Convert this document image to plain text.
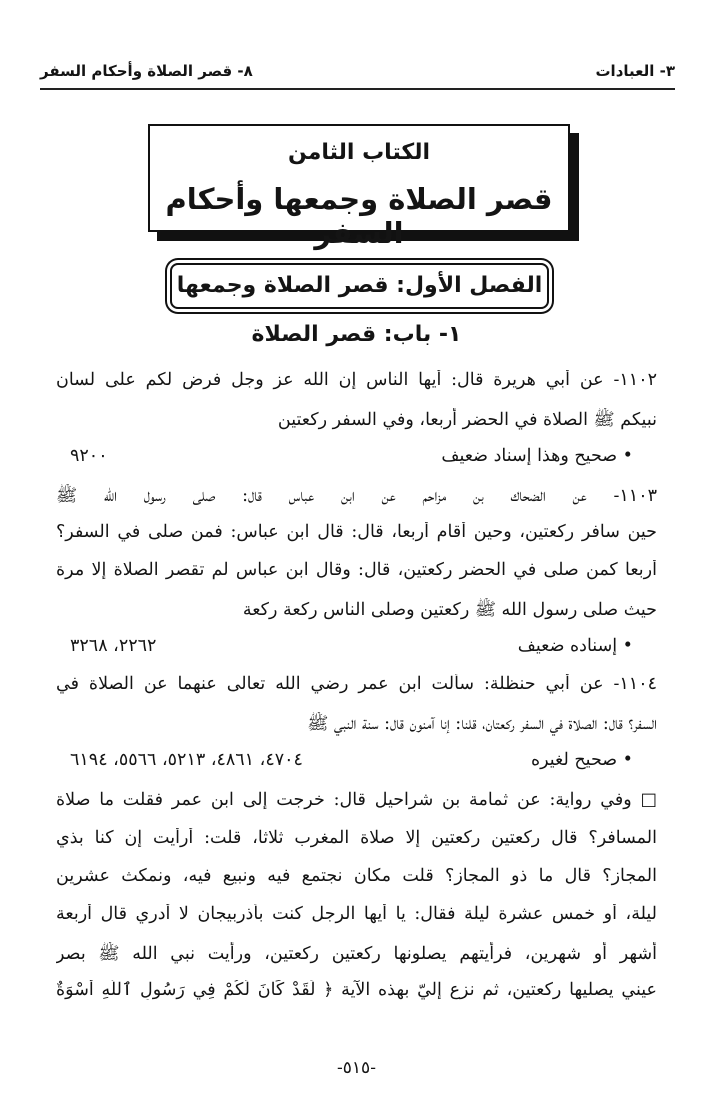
٣- العبادات
٨- قصر الصلاة وأحكام السفر
الكتاب الثامن
قصر الصلاة وجمعها وأحكام السفر
الفصل الأول: قصر الصلاة وجمعها
١- باب: قصر الصلاة
١١٠٢- عن أبي هريرة قال: أيها الناس إن الله عز وجل فرض لكم على لسان
نبيكم ﷺ الصلاة في الحضر أربعا، وفي السفر ركعتين
• صحيح وهذا إسناد ضعيف
٩٢٠٠
١١٠٣- عن الضحاك بن مزاحم عن ابن عباس قال: صلى رسول الله ﷺ
حين سافر ركعتين، وحين أقام أربعا، قال: قال ابن عباس: فمن صلى في السفر؟
أربعا كمن صلى في الحضر ركعتين، قال: وقال ابن عباس لم تقصر الصلاة إلا مرة
حيث صلى رسول الله ﷺ ركعتين وصلى الناس ركعة ركعة
• إسناده ضعيف
٢٢٦٢، ٣٢٦٨
١١٠٤- عن أبي حنظلة: سألت ابن عمر رضي الله تعالى عنهما عن الصلاة في
السفر؟ قال: الصلاة في السفر ركعتان، قلنا: إنا آمنون قال: سنة النبي ﷺ
• صحيح لغيره
٤٧٠٤، ٤٨٦١، ٥٢١٣، ٥٥٦٦، ٦١٩٤
□ وفي رواية: عن ثمامة بن شراحيل قال: خرجت إلى ابن عمر فقلت ما صلاة
المسافر؟ قال ركعتين ركعتين إلا صلاة المغرب ثلاثا، قلت: أرأيت إن كنا بذي
المجاز؟ قال ما ذو المجاز؟ قلت مكان نجتمع فيه ونبيع فيه، ونمكث عشرين
ليلة، أو خمس عشرة ليلة فقال: يا أيها الرجل كنت بأذربيجان لا أدري قال أربعة
أشهر أو شهرين، فرأيتهم يصلونها ركعتين ركعتين، ورأيت نبي الله ﷺ بصر
عيني يصليها ركعتين، ثم نزع إليّ بهذه الآية ﴿ لَقَدْ كَانَ لَكُمْ فِي رَسُولِ ٱللَّهِ أُسْوَةٌ
-٥١٥-
